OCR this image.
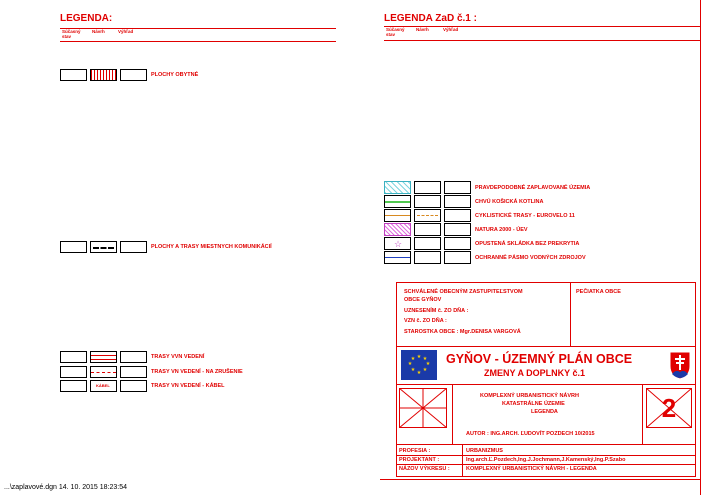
LEGENDA:
Súčasný stav
Návrh	Výhľad
PLOCHY OBYTNÉ
PLOCHY A TRASY MIESTNYCH KOMUNIKÁCIÍ
TRASY VVN VEDENÍ
TRASY VN VEDENÍ - NA ZRUŠENIE
KÁBEL	TRASY VN VEDENÍ - KÁBEL
LEGENDA ZaD č.1 :
Súčasný stav
Návrh	Výhľad
PRAVDEPODOBNÉ ZAPLAVOVANÉ ÚZEMIA
CHVÚ KOŠICKÁ KOTLINA
CYKLISTICKÉ TRASY - EUROVELO 11
NATURA 2000 - ÚEV
☆	OPUSTENÁ SKLÁDKA BEZ PREKRYTIA
OCHRANNÉ PÁSMO VODNÝCH ZDROJOV
SCHVÁLENÉ OBECNÝM ZASTUPITEĽSTVOM
OBCE GYŇOV
UZNESENÍM č. ZO DŇA :
VZN č. ZO DŇA :
STAROSTKA OBCE : Mgr.DENISA VARGOVÁ
PEČIATKA OBCE
★ ★
★
★
★
★
★
★ GYŇOV - ÚZEMNÝ PLÁN OBCE
ZMENY A DOPLNKY č.1
KOMPLEXNÝ URBANISTICKÝ NÁVRH
KATASTRÁLNE ÚZEMIE
LEGENDA
AUTOR : ING.ARCH. ĽUDOVÍT POZDECH 10/2015
2
PROFESIA :	URBANIZMUS
PROJEKTANT :	Ing.arch.Ľ.Pozdech,Ing.J.Jochmann,J.Kamenský,Ing.P.Szabo
NÁZOV VÝKRESU :	KOMPLEXNÝ URBANISTICKÝ NÁVRH - LEGENDA
...\zaplavové.dgn 14. 10. 2015 18:23:54
